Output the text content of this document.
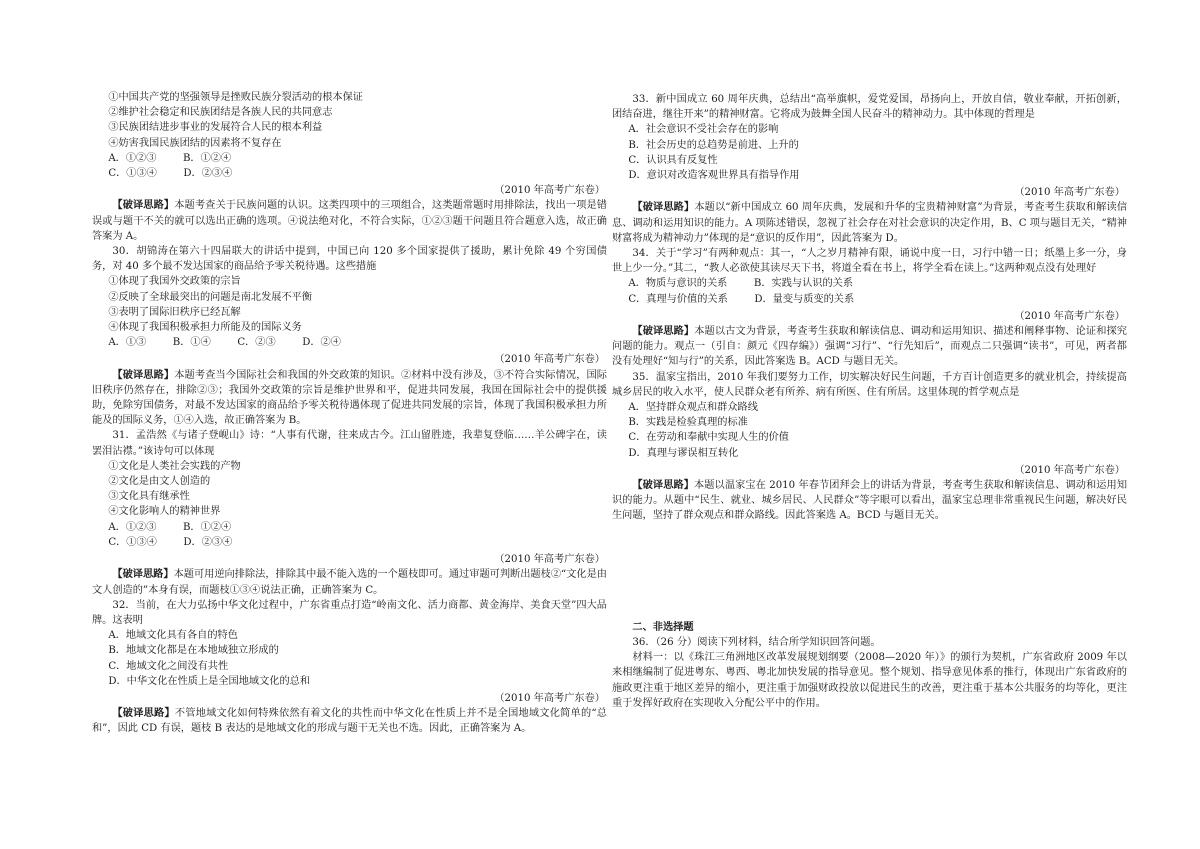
①中国共产党的坚强领导是挫败民族分裂活动的根本保证

②维护社会稳定和民族团结是各族人民的共同意志

③民族团结进步事业的发展符合人民的根本利益

④妨害我国民族团结的因素将不复存在

A．①②③	B．①②④
C．①③④	D．②③④

（2010 年高考广东卷）

【破译思路】本题考查关于民族问题的认识。这类四项中的三项组合，这类题常题时用排除法，找出一项是错误或与题干不关的就可以选出正确的选项。④说法绝对化，不符合实际，①②③题干问题且符合题意入选，故正确答案为 A。

30．胡锦涛在第六十四届联大的讲话中提到，中国已向 120 多个国家提供了援助，累计免除 49 个穷国债务，对 40 多个最不发达国家的商品给予零关税待遇。这些措施

①体现了我国外交政策的宗旨

②反映了全球最突出的问题是南北发展不平衡

③表明了国际旧秩序已经瓦解

④体现了我国积极承担力所能及的国际义务

A．①③	B．①④	C．②③	D．②④

（2010 年高考广东卷）

【破译思路】本题考查当今国际社会和我国的外交政策的知识。②材料中没有涉及，③不符合实际情况，国际旧秩序仍然存在，排除②③；我国外交政策的宗旨是维护世界和平，促进共同发展，我国在国际社会中的提供援助，免除穷国债务，对最不发达国家的商品给予零关税待遇体现了促进共同发展的宗旨，体现了我国积极承担力所能及的国际义务，①④入选，故正确答案为 B。

31．孟浩然《与诸子登岘山》诗：“人事有代谢，往来成古今。江山留胜迹，我辈复登临……羊公碑字在，读罢泪沾襟。”该诗句可以体现

①文化是人类社会实践的产物

②文化是由文人创造的

③文化具有继承性

④文化影响人的精神世界

A．①②③	B．①②④
C．①③④	D．②③④

（2010 年高考广东卷）

【破译思路】本题可用逆向排除法，排除其中最不能入选的一个题枝即可。通过审题可判断出题枝②“文化是由文人创造的”本身有误，而题枝①③④说法正确，正确答案为 C。

32．当前，在大力弘扬中华文化过程中，广东省重点打造“岭南文化、活力商都、黄金海岸、美食天堂”四大品牌。这表明

A．地域文化具有各自的特色

B．地域文化都是在本地域独立形成的

C．地域文化之间没有共性

D．中华文化在性质上是全国地域文化的总和

（2010 年高考广东卷）

【破译思路】不管地域文化如何特殊依然有着文化的共性而中华文化在性质上并不是全国地域文化简单的“总和”，因此 CD 有误，题枝 B 表达的是地域文化的形成与题干无关也不选。因此，正确答案为 A。

33．新中国成立 60 周年庆典，总结出“高举旗帜，爱党爱国，昂扬向上，开放自信，敬业奉献，开拓创新，团结奋进，继往开来”的精神财富。它将成为鼓舞全国人民奋斗的精神动力。其中体现的哲理是

A．社会意识不受社会存在的影响

B．社会历史的总趋势是前进、上升的

C．认识具有反复性

D．意识对改造客观世界具有指导作用

（2010 年高考广东卷）

【破译思路】本题以“新中国成立 60 周年庆典，发展和升华的宝贵精神财富”为背景，考查考生获取和解读信息、调动和运用知识的能力。A 项陈述错误，忽视了社会存在对社会意识的决定作用，B、C 项与题目无关，“精神财富将成为精神动力”体现的是“意识的反作用”，因此答案为 D。

34．关于“学习”有两种观点：其一，“人之岁月精神有限，诵说中度一日，习行中错一日；纸墨上多一分，身世上少一分。”其二，“教人必欲使其读尽天下书，将道全看在书上，将学全看在读上。”这两种观点没有处理好

A．物质与意识的关系	B．实践与认识的关系
C．真理与价值的关系	D．量变与质变的关系

（2010 年高考广东卷）

【破译思路】本题以古文为背景，考查考生获取和解读信息、调动和运用知识、描述和阐释事物、论证和探究问题的能力。观点一（引自：颜元《四存编》）强调“习行”、“行先知后”，而观点二只强调“读书”，可见，两者都没有处理好“知与行”的关系，因此答案选 B。ACD 与题目无关。

35．温家宝指出，2010 年我们要努力工作，切实解决好民生问题，千方百计创造更多的就业机会，持续提高城乡居民的收入水平，使人民群众老有所养、病有所医、住有所居。这里体现的哲学观点是

A．坚持群众观点和群众路线

B．实践是检验真理的标准

C．在劳动和奉献中实现人生的价值

D．真理与谬误相互转化

（2010 年高考广东卷）

【破译思路】本题以温家宝在 2010 年春节团拜会上的讲话为背景，考查考生获取和解读信息、调动和运用知识的能力。从题中“民生、就业、城乡居民、人民群众”等字眼可以看出，温家宝总理非常重视民生问题，解决好民生问题，坚持了群众观点和群众路线。因此答案选 A。BCD 与题目无关。

二、非选择题

36．（26 分）阅读下列材料，结合所学知识回答问题。

材料一：以《珠江三角洲地区改革发展规划纲要（2008—2020 年）》的颁行为契机，广东省政府 2009 年以来相继编制了促进粤东、粤西、粤北加快发展的指导意见。整个规划、指导意见体系的推行，体现出广东省政府的施政更注重于地区差异的缩小，更注重于加强财政投放以促进民生的改善，更注重于基本公共服务的均等化，更注重于发挥好政府在实现收入分配公平中的作用。
